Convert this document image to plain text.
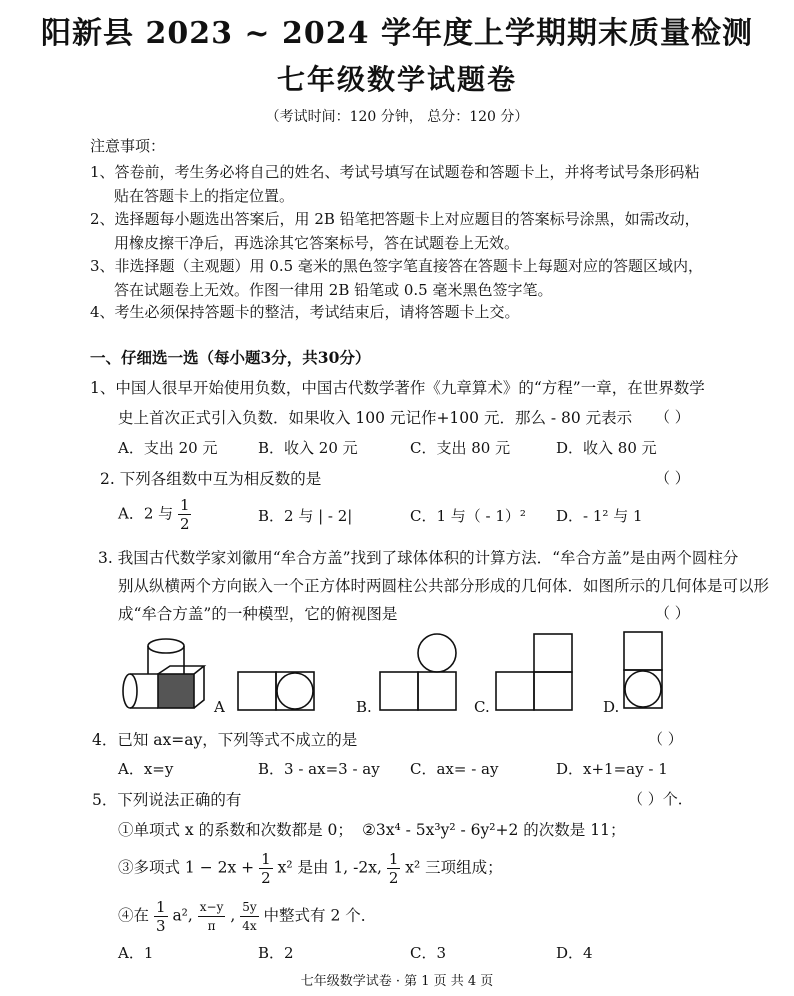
阳新县 2023 ~ 2024 学年度上学期期末质量检测
七年级数学试题卷
（考试时间：120 分钟， 总分：120 分）
注意事项：
1、答卷前，考生务必将自己的姓名、考试号填写在试题卷和答题卡上，并将考试号条形码粘
贴在答题卡上的指定位置。
2、选择题每小题选出答案后，用 2B 铅笔把答题卡上对应题目的答案标号涂黑，如需改动，
用橡皮擦干净后，再选涂其它答案标号，答在试题卷上无效。
3、非选择题（主观题）用 0.5 毫米的黑色签字笔直接答在答题卡上每题对应的答题区域内，
答在试题卷上无效。作图一律用 2B 铅笔或 0.5 毫米黑色签字笔。
4、考生必须保持答题卡的整洁，考试结束后，请将答题卡上交。
一、仔细选一选（每小题3分，共30分）
1、中国人很早开始使用负数，中国古代数学著作《九章算术》的“方程”一章，在世界数学
史上首次正式引入负数．如果收入 100 元记作+100 元．那么 - 80 元表示 （ ）
A．支出 20 元	B．收入 20 元	C．支出 80 元	D．收入 80 元
2. 下列各组数中互为相反数的是	（ ）
A．2 与 $\frac{1}{2}$	B．2 与 | - 2|	C．1 与（ - 1）² D．- 1² 与 1
3. 我国古代数学家刘徽用“牟合方盖”找到了球体体积的计算方法．“牟合方盖”是由两个圆柱分
别从纵横两个方向嵌入一个正方体时两圆柱公共部分形成的几何体．如图所示的几何体是可以形
成“牟合方盖”的一种模型，它的俯视图是	（ ）
A	B.	C.	D.
4．已知 ax=ay，下列等式不成立的是	（ ）
A．x=y	B．3 - ax=3 - ay C．ax= - ay	D．x+1=ay - 1
5．下列说法正确的有	（ ）个．
①单项式 x 的系数和次数都是 0； ②3x⁴ - 5x³y² - 6y²+2 的次数是 11；
③多项式 $1 - 2x + \frac{1}{2} x^2$ 是由 1, -2x, $\frac{1}{2} x^2$ 三项组成；
④在 $\frac{1}{3} a^2$, $\frac{x-y}{\pi}$ , $\frac{5y}{4x}$ 中整式有 2 个．
A．1	B．2	C．3	D．4
七年级数学试卷 · 第 1 页 共 4 页
